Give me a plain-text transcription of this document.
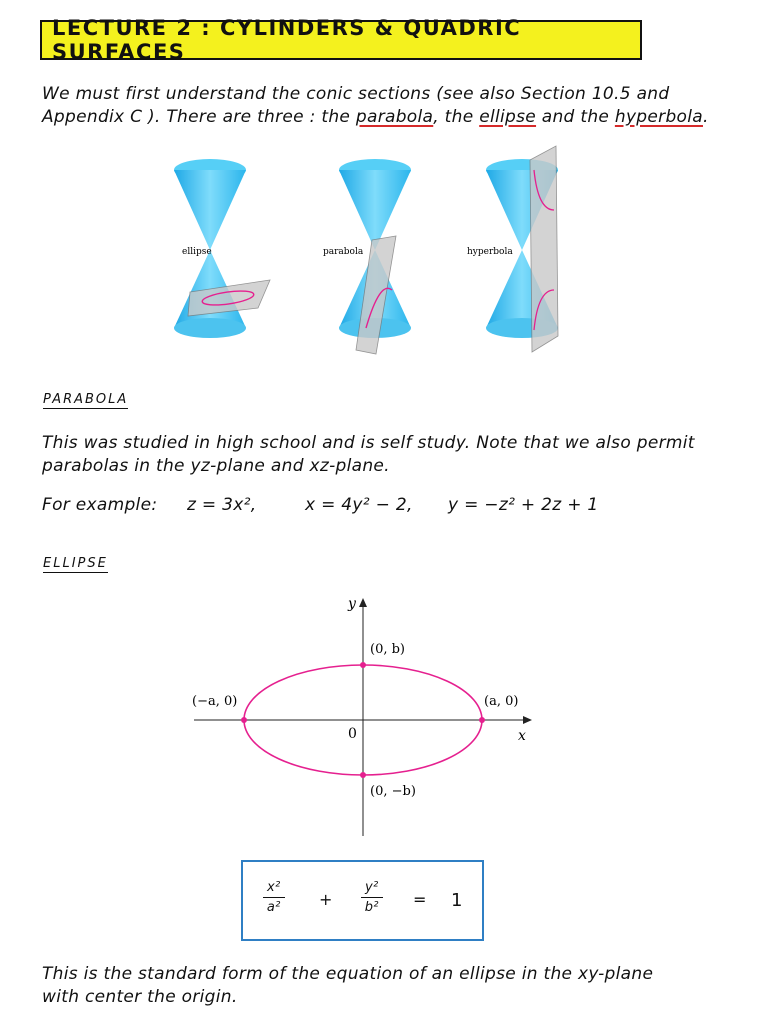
LECTURE 2 : CYLINDERS & QUADRIC SURFACES
We must first understand the conic sections (see also Section 10.5 and
Appendix C ). There are three : the parabola, the ellipse and the hyperbola.
ellipse	parabola	hyperbola
PARABOLA
This was studied in high school and is self study. Note that we also permit
parabolas in the yz-plane and xz-plane.
For example: z = 3x²,	x = 4y² − 2, y = −z² + 2z + 1
ELLIPSE
y
x
0
(0, b)
(0, −b)
(−a, 0)	(a, 0)
$\frac{\text{x²}}{\text{a²}} + \frac{\text{y²}}{\text{b²}} = 1$
This is the standard form of the equation of an ellipse in the xy-plane
with center the origin.
